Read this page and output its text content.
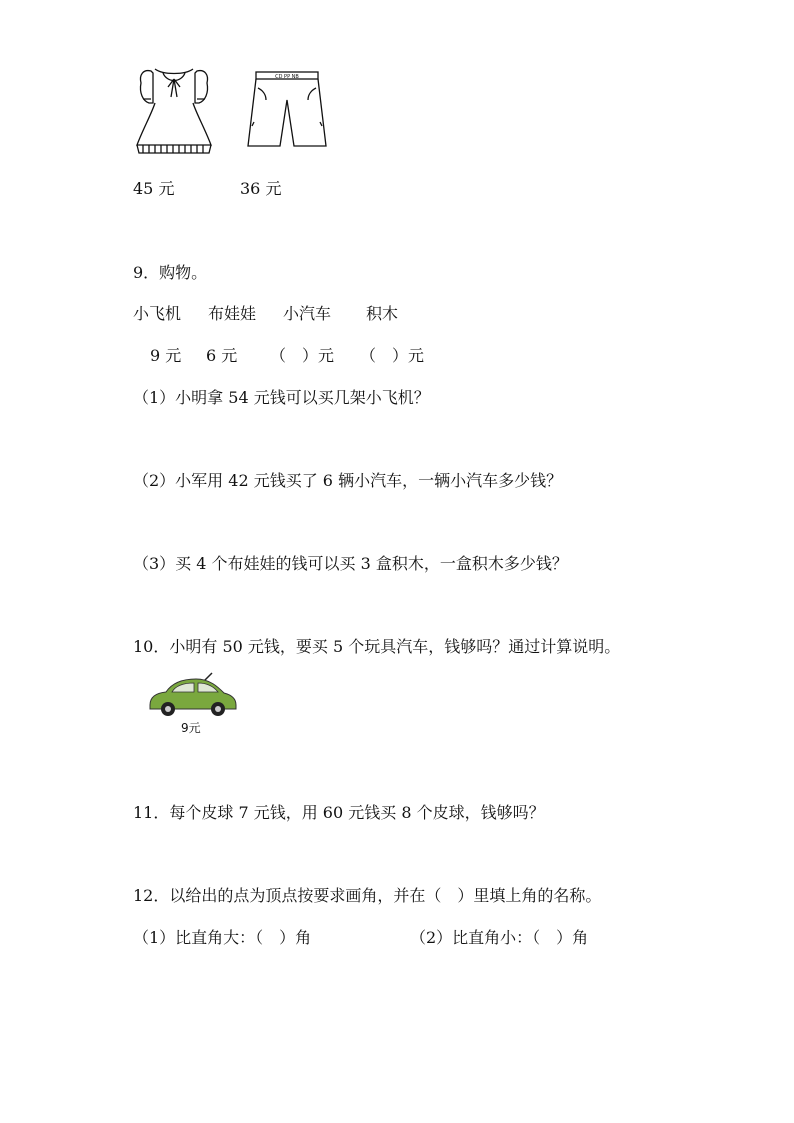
CD PP NB
45 元	36 元
9．购物。
小飞机 布娃娃 小汽车 积木
9 元 6 元 （　）元 （　）元
（1）小明拿 54 元钱可以买几架小飞机？
（2）小军用 42 元钱买了 6 辆小汽车，一辆小汽车多少钱？
（3）买 4 个布娃娃的钱可以买 3 盒积木，一盒积木多少钱？
10．小明有 50 元钱，要买 5 个玩具汽车，钱够吗？通过计算说明。
9元
11．每个皮球 7 元钱，用 60 元钱买 8 个皮球，钱够吗？
12．以给出的点为顶点按要求画角，并在（　）里填上角的名称。
（1）比直角大：（　）角	（2）比直角小：（　）角
